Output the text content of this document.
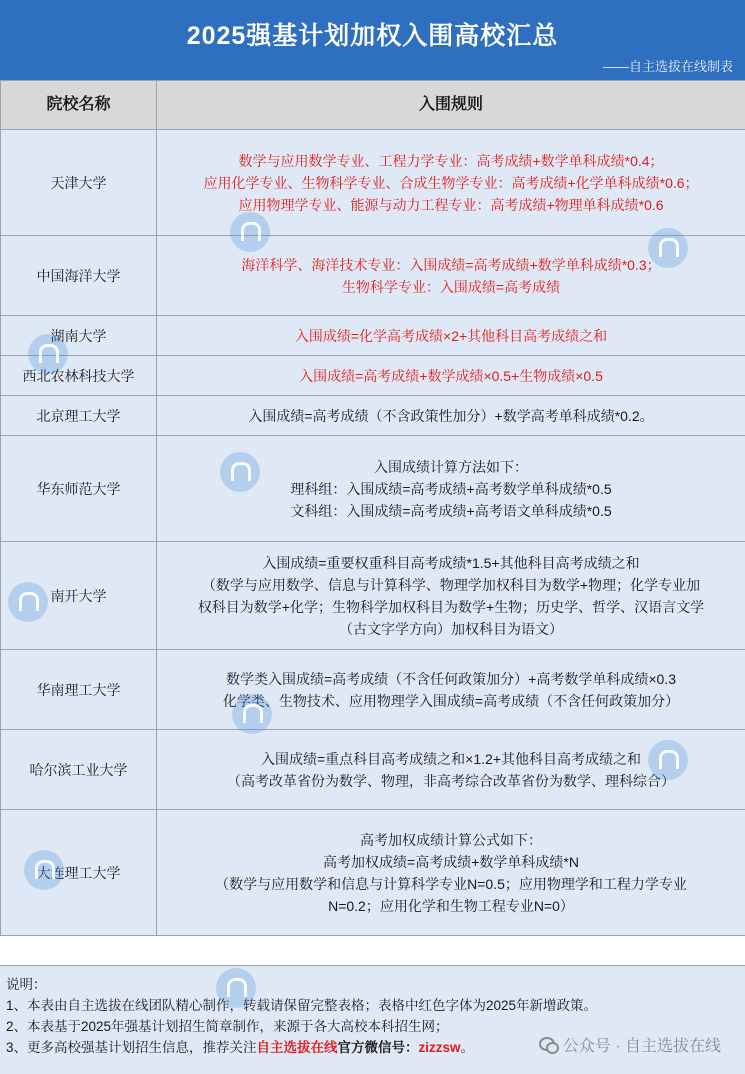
2025强基计划加权入围高校汇总
——自主选拔在线制表
院校名称	入围规则
天津大学	数学与应用数学专业、工程力学专业：高考成绩+数学单科成绩*0.4；
应用化学专业、生物科学专业、合成生物学专业：高考成绩+化学单科成绩*0.6；
应用物理学专业、能源与动力工程专业：高考成绩+物理单科成绩*0.6

中国海洋大学	海洋科学、海洋技术专业：入围成绩=高考成绩+数学单科成绩*0.3；
生物科学专业：入围成绩=高考成绩

湖南大学	入围成绩=化学高考成绩×2+其他科目高考成绩之和

西北农林科技大学	入围成绩=高考成绩+数学成绩×0.5+生物成绩×0.5

北京理工大学	入围成绩=高考成绩（不含政策性加分）+数学高考单科成绩*0.2。

华东师范大学	入围成绩计算方法如下：
理科组：入围成绩=高考成绩+高考数学单科成绩*0.5
文科组：入围成绩=高考成绩+高考语文单科成绩*0.5

南开大学	入围成绩=重要权重科目高考成绩*1.5+其他科目高考成绩之和
（数学与应用数学、信息与计算科学、物理学加权科目为数学+物理；化学专业加
权科目为数学+化学；生物科学加权科目为数学+生物；历史学、哲学、汉语言文学
（古文字学方向）加权科目为语文）

华南理工大学	数学类入围成绩=高考成绩（不含任何政策加分）+高考数学单科成绩×0.3
化学类、生物技术、应用物理学入围成绩=高考成绩（不含任何政策加分）

哈尔滨工业大学	入围成绩=重点科目高考成绩之和×1.2+其他科目高考成绩之和
（高考改革省份为数学、物理，非高考综合改革省份为数学、理科综合）

大连理工大学	高考加权成绩计算公式如下：
高考加权成绩=高考成绩+数学单科成绩*N
（数学与应用数学和信息与计算科学专业N=0.5；应用物理学和工程力学专业
N=0.2；应用化学和生物工程专业N=0）
说明：
1、本表由自主选拔在线团队精心制作，转载请保留完整表格；表格中红色字体为2025年新增政策。
2、本表基于2025年强基计划招生简章制作，来源于各大高校本科招生网；
3、更多高校强基计划招生信息，推荐关注自主选拔在线官方微信号：zizzsw。	公众号 · 自主选拔在线
